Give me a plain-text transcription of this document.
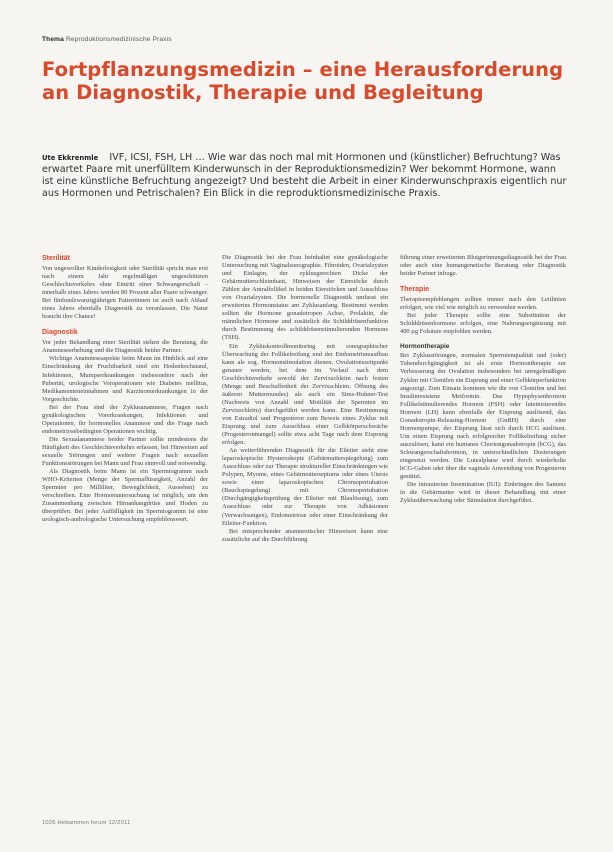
Thema Reproduktionsmedizinische Praxis
Fortpflanzungsmedizin – eine Herausforderung
an Diagnostik, Therapie und Begleitung
Ute Ekkrenmle IVF, ICSI, FSH, LH … Wie war das noch mal mit Hormonen und (künstlicher) Befruchtung? Was erwartet Paare mit unerfülltem Kinderwunsch in der Reproduktionsmedizin? Wer bekommt Hormone, wann ist eine künstliche Befruchtung angezeigt? Und besteht die Arbeit in einer Kinderwunschpraxis eigentlich nur aus Hormonen und Petrischalen? Ein Blick in die reproduktionsmedizinische Praxis.
Sterilität

Von ungewollter Kinderlosigkeit oder Sterilität spricht man erst nach einem Jahr regelmäßigen ungeschützten Geschlechtsverkehrs ohne Eintritt einer Schwangerschaft – innerhalb eines Jahres werden 80 Prozent aller Paare schwanger. Bei fünfundzwanzigjährigen Patientinnen ist auch nach Ablauf eines Jahres ebenfalls Diagnostik zu veranlassen. Die Natur braucht ihre Chance!

Diagnostik

Vor jeder Behandlung einer Sterilität stehen die Beratung, die Anamneseerhebung und die Diagnostik beider Partner.

Wichtige Anamneseaspekte beim Mann im Hinblick auf eine Einschränkung der Fruchtbarkeit sind ein Hodenhochstand, Infektionen, Mumpserkrankungen insbesondere nach der Pubertät, urologische Voroperationen wie Diabetes mellitus, Medikamenteneinnahmen und Karzinomerkrankungen in der Vorgeschichte.

Bei der Frau sind der Zyklusanamnese, Fragen nach gynäkologischen Vorerkrankungen, Infektionen und Operationen, ihr hormonelles Anamnese und die Frage nach endometriosebedingten Operationen wichtig.

Die Sexualanamnese beider Partner sollte mindestens die Häufigkeit des Geschlechtsverkehrs erfassen, bei Hinweisen auf sexuelle Störungen und weitere Fragen nach sexuellen Funktionsstörungen bei Mann und Frau sinnvoll und notwendig.

Als Diagnostik beim Mann ist ein Spermiogramm nach WHO-Kriterien (Menge der Spermaflüssigkeit, Anzahl der Spermien pro Milliliter, Beweglichkeit, Aussehen) zu verschreiben. Eine Hormonuntersuchung ist möglich, um den Zusammenhang zwischen Hirnanhangdrüse und Hoden zu überprüfen. Bei jeder Auffälligkeit im Spermiogramm ist eine urologisch-andrologische Untersuchung empfehlenswert.

Die Diagnostik bei der Frau beinhaltet eine gynäkologische Untersuchung mit Vaginalsonographie. Fibroiden, Ovarialzysten und Einlagen, der zyklusgerechten Dicke der Gebärmutterschleimhaut, Hinweisen der Eierstöcke durch Zählen der Antralfollikel in beiden Eierstöcken und Ausschluss von Ovarialzysten. Die hormonelle Diagnostik umfasst ein erweitertes Hormonstatus am Zyklusanfang. Bestimmt werden sollten die Hormone gonadotropen Achse, Prolaktin, die männlichen Hormone und zusätzlich die Schilddrüsenfunktion durch Bestimmung des schilddrüsenstimulierenden Hormons (TSH).

Ein Zykluskontrollmonitoring mit sonographischer Überwachung der Follikelreifung und der Endometriumaufbau kann als sog. Hormonstimulation dienen. Ovulationszeitpunkt genauer werden, bei dem im Verlauf nach dem Geschlechtsverkehr sowohl der Zervixschleim nach festen (Menge und Beschaffenheit der Zervixschleim. Öffnung des äußeren Muttermundes) als auch ein Sims-Huhner-Test (Nachweis von Anzahl und Motilität der Spermien im Zervixschleim) durchgeführt werden kann. Eine Bestimmung von Estradiol und Progesteron zum Beweis eines Zyklus mit Eisprung und zum Ausschluss einer Gelbkörperschwäche (Progesteronmangel) sollte etwa acht Tage nach dem Eisprung erfolgen.

An weiterführenden Diagnostik für die Eileiter steht eine laparoskopische Hysteroskopie (Gebärmutterspiegelung) zum Ausschluss oder zur Therapie struktureller Einschränkungen wie Polypen, Myome, eines Gebärmutterseptums oder eines Uterus sowie einer laparoskopischen Chromopertubation (Bauchspiegelung) mit Chromopertubation (Durchgängigkeitsprüfung der Eileiter mit Blaulösung), zum Ausschluss oder zur Therapie von Adhäsionen (Verwachsungen), Endometriose oder einer Einschränkung der Eileiter-Funktion.

Bei entsprechender anamnestischer Hinweisen kann eine zusätzliche auf die Durchführung

führung einer erweiterten Blutgerinnungsdiagnostik bei der Frau oder auch eine humangenetische Beratung oder Diagnostik beider Partner infrage.

Therapie

Therapieempfehlungen sollten immer nach den Leitlinien erfolgen, wie viel wie möglich zu verwenden werden.

Bei jeder Therapie sollte eine Substitution der Schilddrüsenhormone erfolgen, eine Nahrungsergänzung mit 400 µg Folsäure empfohlen werden.

Hormontherapie

Bei Zyklusstörungen, normalen Spermienqualität und (oder) Tubendurchgängigkeit ist als erste Hormontherapie zur Verbesserung der Ovulation insbesondere bei unregelmäßigen Zyklen mit Clomifen ein Eisprung und einer Gelbkörperfunktion angezeigt. Zum Einsatz kommen wie die von Clomifen und bei Insulinresistenz Metformin. Das Hypophysenhormon Follikelstimulierendes Hormon (FSH) oder luteinisierendes Hormon (LH) kann ebenfalls der Eisprung auslösend, das Gonadotropin-Releasing-Hormon (GnRH) durch eine Hormonpumpe, der Eisprung lässt sich durch HCG auslösen. Um einen Eisprung nach erfolgreicher Follikelreifung sicher auszulösen, kann ein humanes Choriongonadotropin (hCG), das Schwangerschaftshormon, in unterschiedlichen Dosierungen eingesetzt werden. Die Lutealphase wird durch wiederholte hCG-Gaben oder über die vaginale Anwendung von Progesteron gestützt.

Die intrauterine Insemination (IUI): Einbringen des Samens in die Gebärmutter wird in dieser Behandlung mit einer Zyklusüberwachung oder Stimulation durchgeführt.

1026 Hebammen forum 12/2011
